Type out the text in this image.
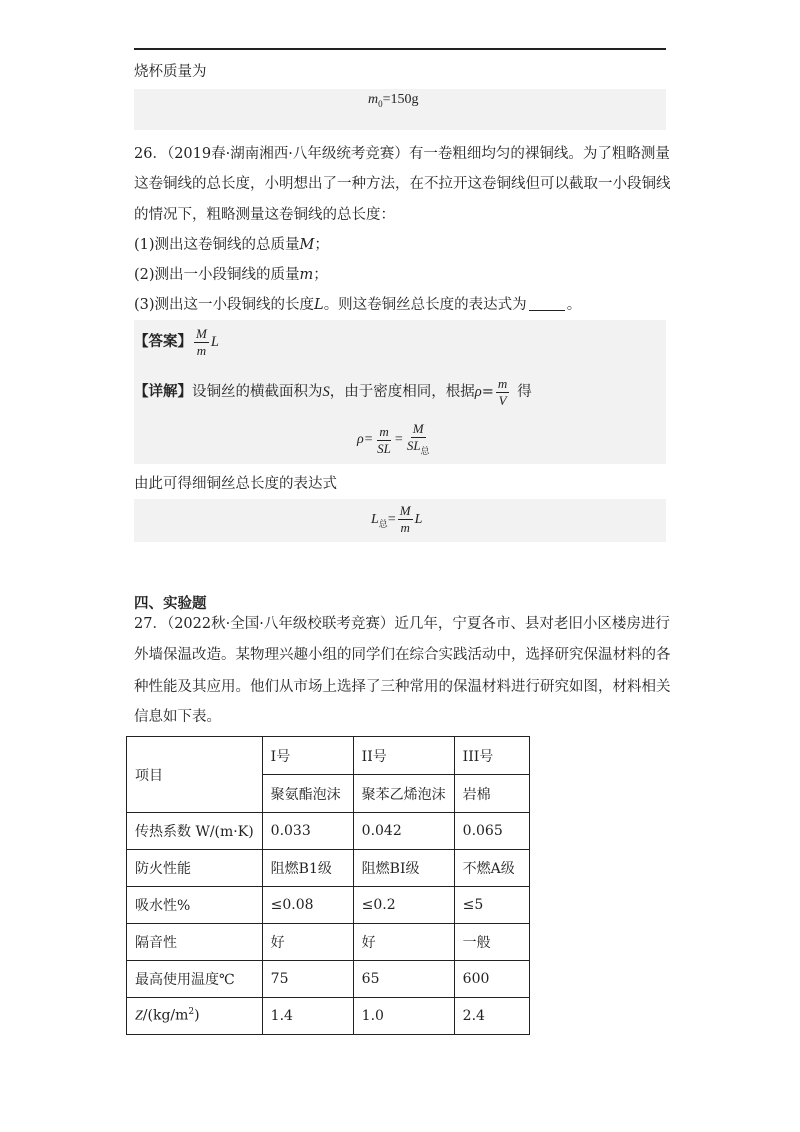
烧杯质量为
$m_0=150g$
26．（2019春·湖南湘西·八年级统考竞赛）有一卷粗细均匀的裸铜线。为了粗略测量
这卷铜线的总长度，小明想出了一种方法，在不拉开这卷铜线但可以截取一小段铜线
的情况下，粗略测量这卷铜线的总长度：
(1)测出这卷铜线的总质量M；
(2)测出一小段铜线的质量m；
(3)测出这一小段铜线的长度L。则这卷铜丝总长度的表达式为	。
【答案】 $\frac{M}{m}$ L
【详解】设铜丝的横截面积为S，由于密度相同，根据$\rho= \frac{m}{V}$ 得
$\rho= \frac{m}{SL} = \frac{M}{SL_总}$
由此可得细铜丝总长度的表达式
$L_总= \frac{M}{m}$ L
四、实验题
27．（2022秋·全国·八年级校联考竞赛）近几年，宁夏各市、县对老旧小区楼房进行
外墙保温改造。某物理兴趣小组的同学们在综合实践活动中，选择研究保温材料的各
种性能及其应用。他们从市场上选择了三种常用的保温材料进行研究如图，材料相关
信息如下表。
项目	I号	II号	III号
	聚氨酯泡沫	聚苯乙烯泡沫	岩棉
传热系数 W/(m·K)	0.033	0.042	0.065
防火性能	阻燃B1级	阻燃BI级	不燃A级
吸水性%	≤0.08	≤0.2	≤5
隔音性	好	好	一般
最高使用温度℃	75	65	600
$Z/(kg/m^2)$	1.4	1.0	2.4
